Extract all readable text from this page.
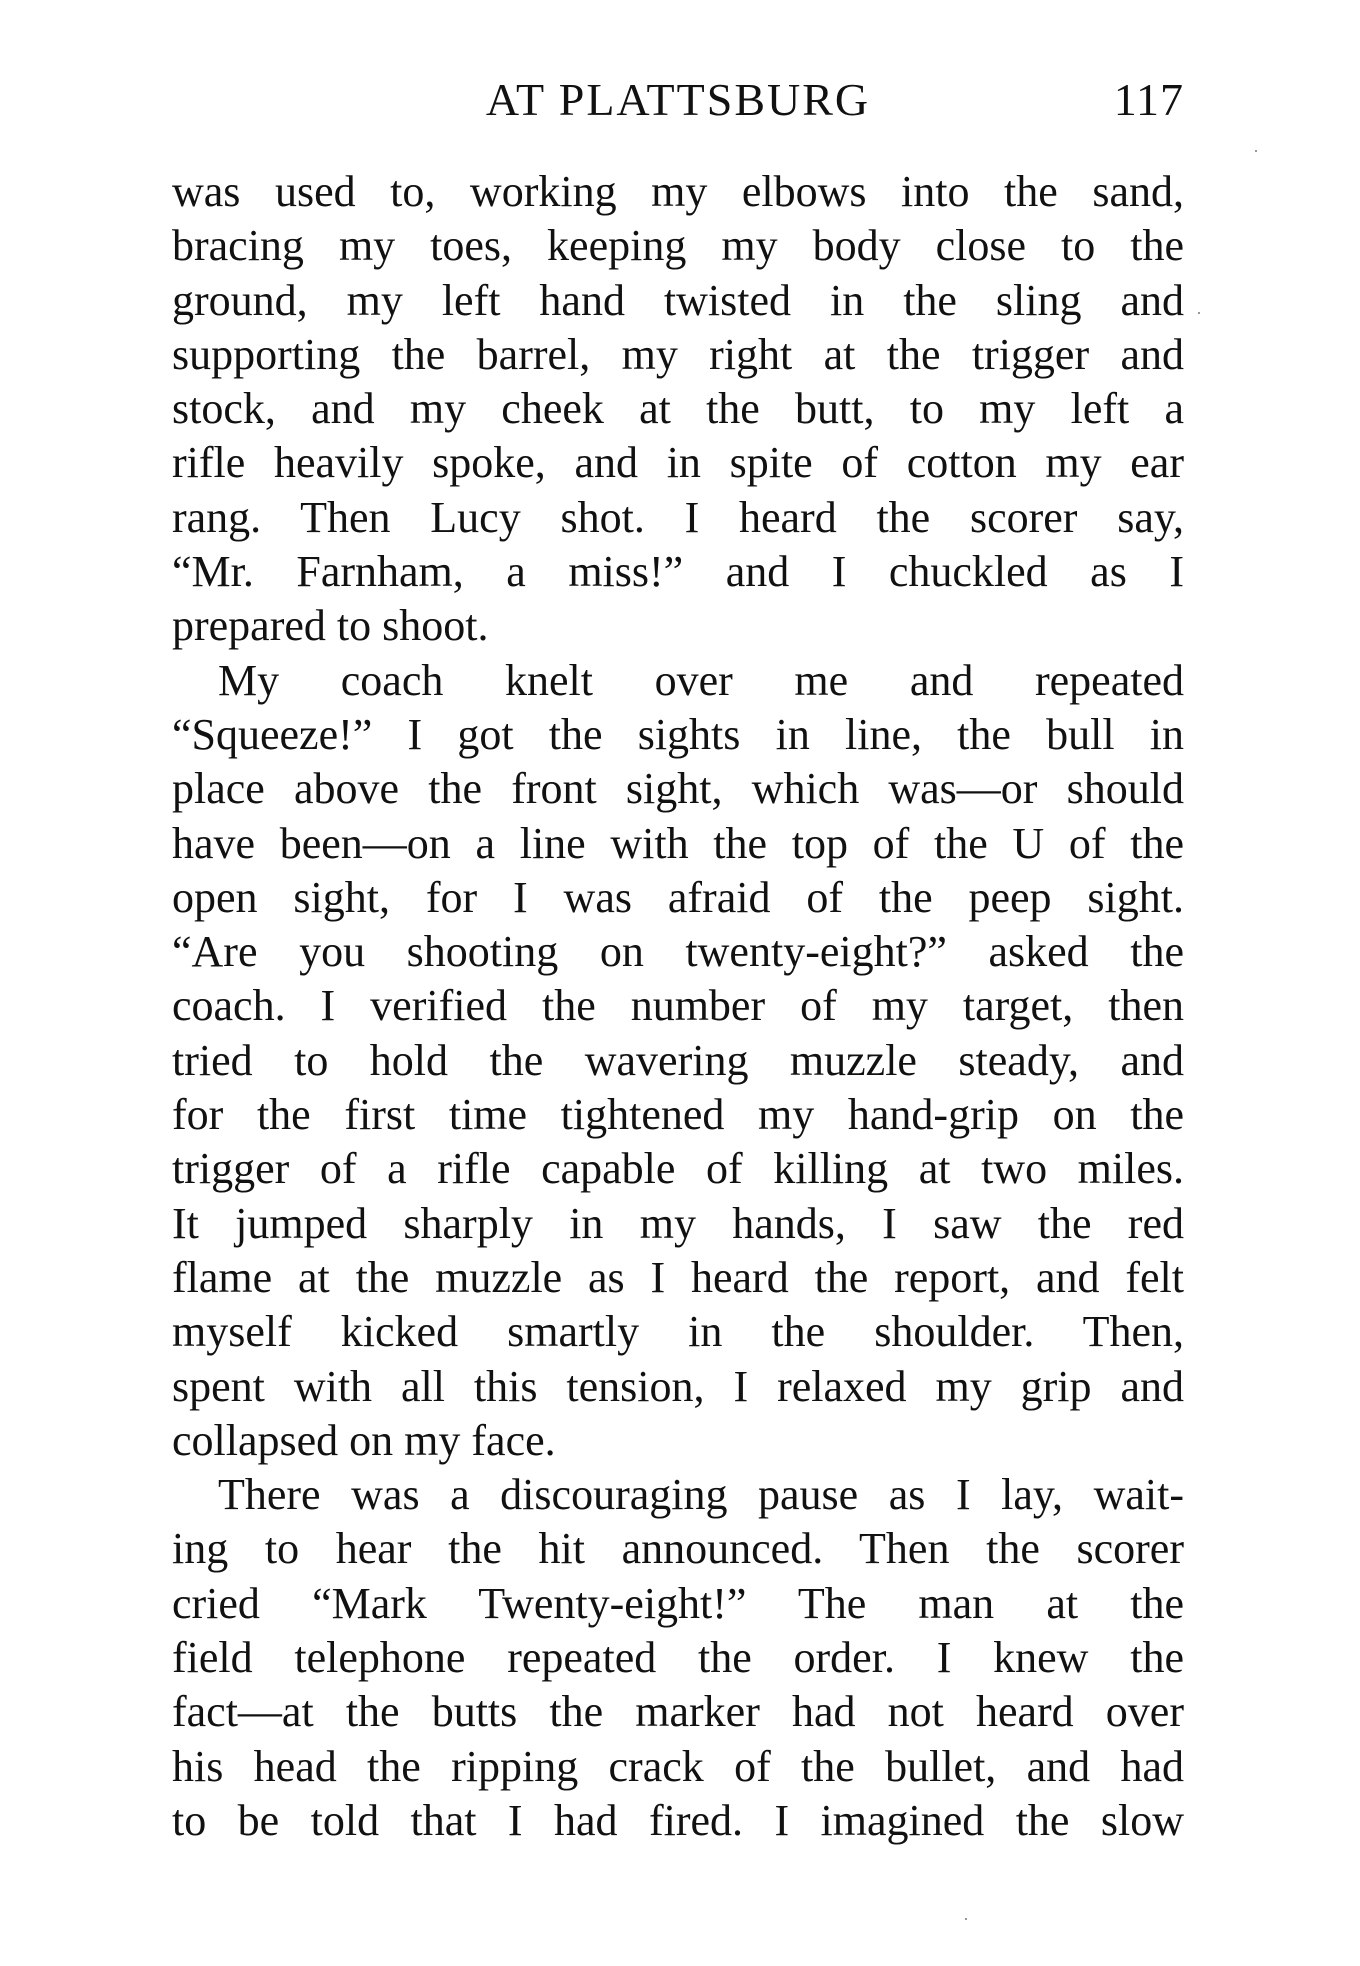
AT PLATTSBURG	117
was used to, working my elbows into the sand,
bracing my toes, keeping my body close to the
ground, my left hand twisted in the sling and
supporting the barrel, my right at the trigger and
stock, and my cheek at the butt, to my left a
rifle heavily spoke, and in spite of cotton my ear
rang. Then Lucy shot. I heard the scorer say,
“Mr. Farnham, a miss!” and I chuckled as I
prepared to shoot.
My coach knelt over me and repeated
“Squeeze!” I got the sights in line, the bull in
place above the front sight, which was—or should
have been—on a line with the top of the U of the
open sight, for I was afraid of the peep sight.
“Are you shooting on twenty-eight?” asked the
coach. I verified the number of my target, then
tried to hold the wavering muzzle steady, and
for the first time tightened my hand-grip on the
trigger of a rifle capable of killing at two miles.
It jumped sharply in my hands, I saw the red
flame at the muzzle as I heard the report, and felt
myself kicked smartly in the shoulder. Then,
spent with all this tension, I relaxed my grip and
collapsed on my face.
There was a discouraging pause as I lay, wait-
ing to hear the hit announced. Then the scorer
cried “Mark Twenty-eight!” The man at the
field telephone repeated the order. I knew the
fact—at the butts the marker had not heard over
his head the ripping crack of the bullet, and had
to be told that I had fired. I imagined the slow
